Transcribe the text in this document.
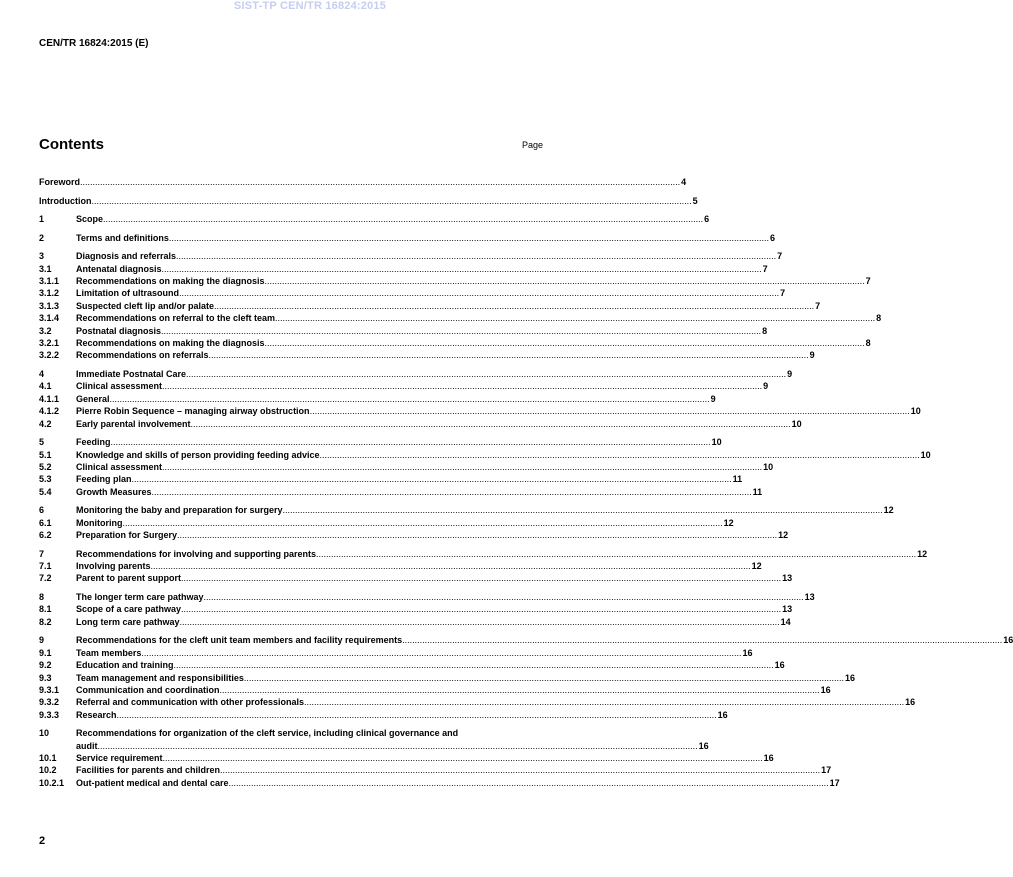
SIST-TP CEN/TR 16824:2015
CEN/TR 16824:2015 (E)
Contents	Page
Foreword .....	4
Introduction .....	5
1	Scope .....	6
2	Terms and definitions .....	6
3	Diagnosis and referrals .....	7
3.1	Antenatal diagnosis .....	7
3.1.1	Recommendations on making the diagnosis .....	7
3.1.2	Limitation of ultrasound .....	7
3.1.3	Suspected cleft lip and/or palate .....	7
3.1.4	Recommendations on referral to the cleft team .....	8
3.2	Postnatal diagnosis .....	8
3.2.1	Recommendations on making the diagnosis .....	8
3.2.2	Recommendations on referrals .....	9
4	Immediate Postnatal Care .....	9
4.1	Clinical assessment .....	9
4.1.1	General .....	9
4.1.2	Pierre Robin Sequence – managing airway obstruction .....	10
4.2	Early parental involvement .....	10
5	Feeding .....	10
5.1	Knowledge and skills of person providing feeding advice .....	10
5.2	Clinical assessment .....	10
5.3	Feeding plan .....	11
5.4	Growth Measures .....	11
6	Monitoring the baby and preparation for surgery .....	12
6.1	Monitoring .....	12
6.2	Preparation for Surgery .....	12
7	Recommendations for involving and supporting parents .....	12
7.1	Involving parents .....	12
7.2	Parent to parent support .....	13
8	The longer term care pathway .....	13
8.1	Scope of a care pathway .....	13
8.2	Long term care pathway .....	14
9	Recommendations for the cleft unit team members and facility requirements .....	16
9.1	Team members .....	16
9.2	Education and training .....	16
9.3	Team management and responsibilities .....	16
9.3.1	Communication and coordination .....	16
9.3.2	Referral and communication with other professionals .....	16
9.3.3	Research .....	16
10	Recommendations for organization of the cleft service, including clinical governance and
audit .....	16
10.1	Service requirement .....	16
10.2	Facilities for parents and children .....	17
10.2.1	Out-patient medical and dental care .....	17
2
